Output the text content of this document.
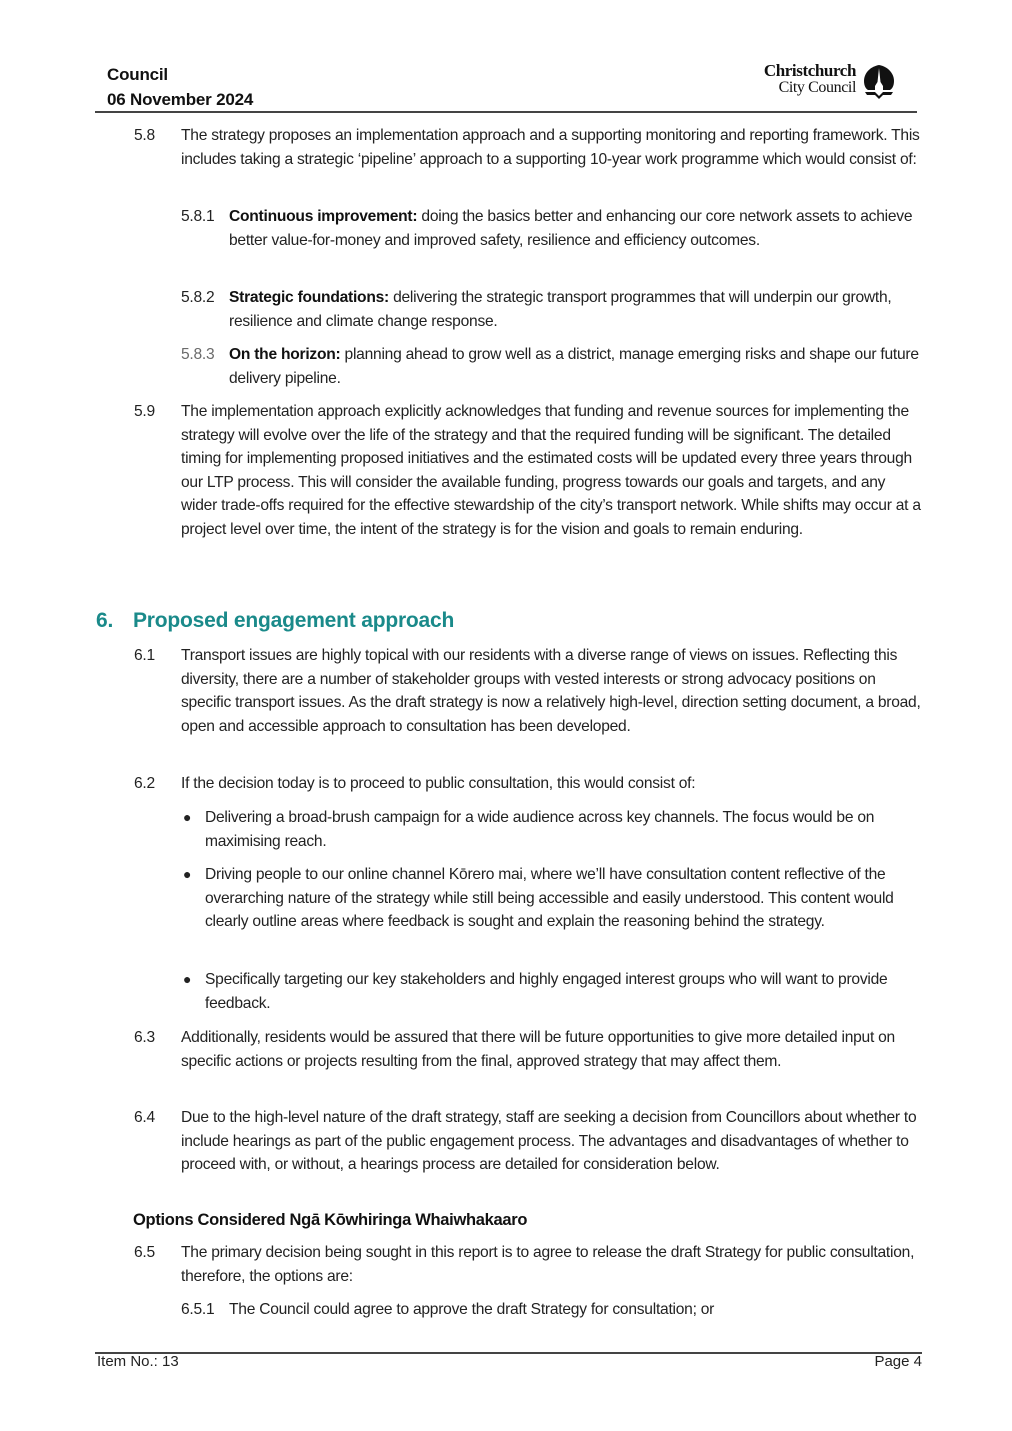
Council
06 November 2024
Christchurch
City Council
5.8 The strategy proposes an implementation approach and a supporting monitoring and reporting framework. This includes taking a strategic ‘pipeline’ approach to a supporting 10-year work programme which would consist of:
5.8.1 Continuous improvement: doing the basics better and enhancing our core network assets to achieve better value-for-money and improved safety, resilience and efficiency outcomes.
5.8.2 Strategic foundations: delivering the strategic transport programmes that will underpin our growth, resilience and climate change response.
5.8.3 On the horizon: planning ahead to grow well as a district, manage emerging risks and shape our future delivery pipeline.
5.9 The implementation approach explicitly acknowledges that funding and revenue sources for implementing the strategy will evolve over the life of the strategy and that the required funding will be significant. The detailed timing for implementing proposed initiatives and the estimated costs will be updated every three years through our LTP process. This will consider the available funding, progress towards our goals and targets, and any wider trade-offs required for the effective stewardship of the city’s transport network. While shifts may occur at a project level over time, the intent of the strategy is for the vision and goals to remain enduring.
6. Proposed engagement approach
6.1 Transport issues are highly topical with our residents with a diverse range of views on issues. Reflecting this diversity, there are a number of stakeholder groups with vested interests or strong advocacy positions on specific transport issues. As the draft strategy is now a relatively high-level, direction setting document, a broad, open and accessible approach to consultation has been developed.
6.2 If the decision today is to proceed to public consultation, this would consist of:
● Delivering a broad-brush campaign for a wide audience across key channels. The focus would be on maximising reach.
● Driving people to our online channel Kōrero mai, where we’ll have consultation content reflective of the overarching nature of the strategy while still being accessible and easily understood. This content would clearly outline areas where feedback is sought and explain the reasoning behind the strategy.
● Specifically targeting our key stakeholders and highly engaged interest groups who will want to provide feedback.
6.3 Additionally, residents would be assured that there will be future opportunities to give more detailed input on specific actions or projects resulting from the final, approved strategy that may affect them.
6.4 Due to the high-level nature of the draft strategy, staff are seeking a decision from Councillors about whether to include hearings as part of the public engagement process. The advantages and disadvantages of whether to proceed with, or without, a hearings process are detailed for consideration below.
Options Considered Ngā Kōwhiringa Whaiwhakaaro
6.5 The primary decision being sought in this report is to agree to release the draft Strategy for public consultation, therefore, the options are:
6.5.1 The Council could agree to approve the draft Strategy for consultation; or
Item No.: 13	Page 4
